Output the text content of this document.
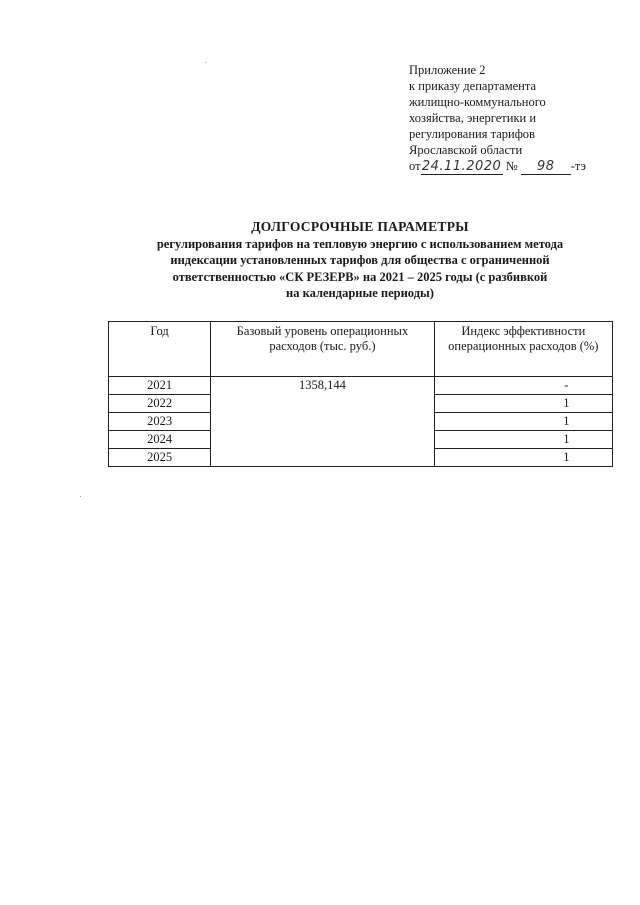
Приложение 2
к приказу департамента
жилищно-коммунального
хозяйства, энергетики и
регулирования тарифов
Ярославской области
от24.11.2020 № 98 -тэ
ДОЛГОСРОЧНЫЕ ПАРАМЕТРЫ
регулирования тарифов на тепловую энергию с использованием метода
индексации установленных тарифов для общества с ограниченной
ответственностью «СК РЕЗЕРВ» на 2021 – 2025 годы (с разбивкой
на календарные периоды)
Год	Базовый уровень операционных расходов (тыс. руб.)	Индекс эффективности операционных расходов (%)
2021	1358,144	-
2022		1
2023		1
2024		1
2025		1
